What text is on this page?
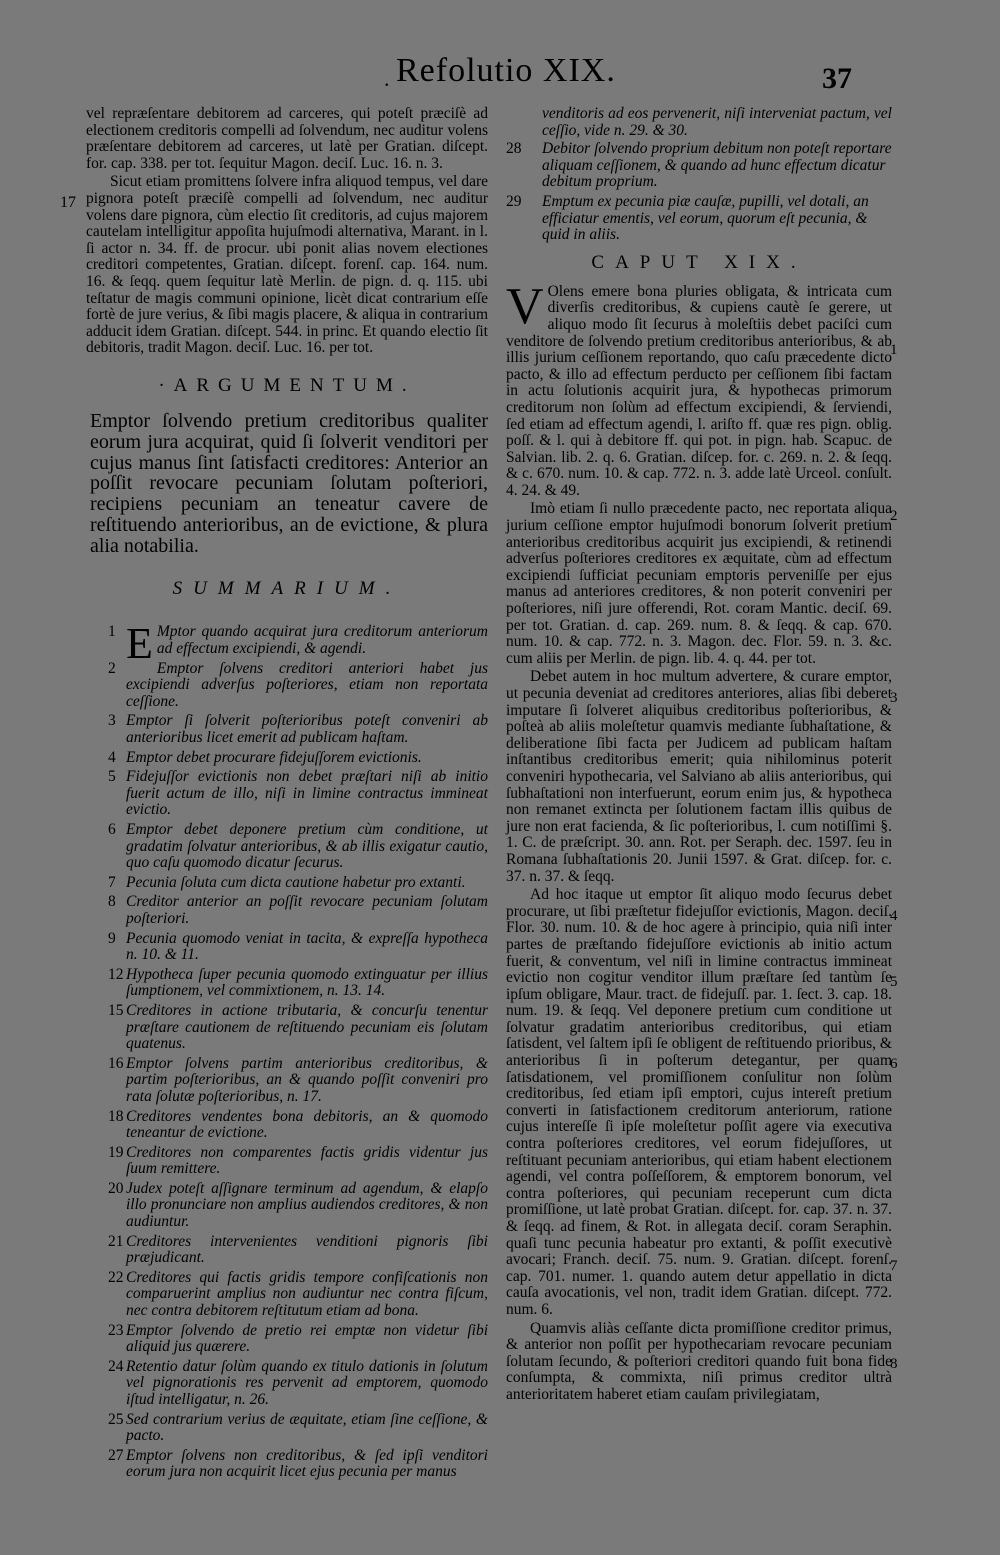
. Refolutio XIX.	37

vel repræſentare debitorem ad carceres, qui poteſt præciſè ad electionem creditoris compelli ad ſolvendum, nec auditur volens præſentare debitorem ad carceres, ut latè per Gratian. diſcept. for. cap. 338. per tot. ſequitur Magon. deciſ. Luc. 16. n. 3.

Sicut etiam promittens ſolvere infra aliquod tempus, vel dare pignora poteſt præciſè compelli ad ſolvendum, nec auditur volens dare pignora, cùm electio ſit creditoris, ad cujus majorem cautelam intelligitur appoſita hujuſmodi alternativa, Marant. in l. ſi actor n. 34. ff. de procur. ubi ponit alias novem electiones creditori competentes, Gratian. diſcept. forenſ. cap. 164. num. 16. & ſeqq. quem ſequitur latè Merlin. de pign. d. q. 115. ubi teſtatur de magis communi opinione, licèt dicat contrarium eſſe fortè de jure verius, & ſibi magis placere, & aliqua in contrarium adducit idem Gratian. diſcept. 544. in princ. Et quando electio ſit debitoris, tradit Magon. deciſ. Luc. 16. per tot.

·ARGUMENTUM.

Emptor ſolvendo pretium creditoribus qualiter eorum jura acquirat, quid ſi ſolverit venditori per cujus manus ſint ſatisfacti creditores: Anterior an poſſit revocare pecuniam ſolutam poſteriori, recipiens pecuniam an teneatur cavere de reſtituendo anterioribus, an de evictione, & plura alia notabilia.

SUMMARIUM.
1 E Mptor quando acquirat jura creditorum anteriorum ad effectum excipiendi, & agendi.
2	Emptor ſolvens creditori anteriori habet jus excipiendi adverſus poſteriores, etiam non reportata ceſſione.
3 Emptor ſi ſolverit poſterioribus poteſt conveniri ab anterioribus licet emerit ad publicam haſtam.
4 Emptor debet procurare fidejuſſorem evictionis.
5 Fidejuſſor evictionis non debet præſtari niſi ab initio fuerit actum de illo, niſi in limine contractus immineat evictio.
6 Emptor debet deponere pretium cùm conditione, ut gradatim ſolvatur anterioribus, & ab illis exigatur cautio, quo caſu quomodo dicatur ſecurus.
7 Pecunia ſoluta cum dicta cautione habetur pro extanti.
8 Creditor anterior an poſſit revocare pecuniam ſolutam poſteriori.
9 Pecunia quomodo veniat in tacita, & expreſſa hypotheca n. 10. & 11.
12 Hypotheca ſuper pecunia quomodo extinguatur per illius ſumptionem, vel commixtionem, n. 13. 14.
15 Creditores in actione tributaria, & concurſu tenentur præſtare cautionem de reſtituendo pecuniam eis ſolutam quatenus.
16 Emptor ſolvens partim anterioribus creditoribus, & partim poſterioribus, an & quando poſſit conveniri pro rata ſolutæ poſterioribus, n. 17.
18 Creditores vendentes bona debitoris, an & quomodo teneantur de evictione.
19 Creditores non comparentes factis gridis videntur jus ſuum remittere.
20 Judex poteſt aſſignare terminum ad agendum, & elapſo illo pronunciare non amplius audiendos creditores, & non audiuntur.
21 Creditores intervenientes venditioni pignoris ſibi præjudicant.
22 Creditores qui factis gridis tempore confiſcationis non comparuerint amplius non audiuntur nec contra fiſcum, nec contra debitorem reſtitutum etiam ad bona.
23 Emptor ſolvendo de pretio rei emptæ non videtur ſibi aliquid jus quærere.
24 Retentio datur ſolùm quando ex titulo dationis in ſolutum vel pignorationis res pervenit ad emptorem, quomodo iſtud intelligatur, n. 26.
25 Sed contrarium verius de æquitate, etiam ſine ceſſione, & pacto.
27 Emptor ſolvens non creditoribus, & ſed ipſi venditori eorum jura non acquirit licet ejus pecunia per manus
17

venditoris ad eos pervenerit, niſi interveniat pactum, vel ceſſio, vide n. 29. & 30.

28 Debitor ſolvendo proprium debitum non poteſt reportare aliquam ceſſionem, & quando ad hunc effectum dicatur debitum proprium.
29 Emptum ex pecunia piæ cauſæ, pupilli, vel dotali, an efficiatur ementis, vel eorum, quorum eſt pecunia, & quid in aliis.
CAPUT XIX.

V Olens emere bona pluries obligata, & intricata cum diverſis creditoribus, & cupiens cautè ſe gerere, ut aliquo modo ſit ſecurus à moleſtiis debet paciſci cum venditore de ſolvendo pretium creditoribus anterioribus, & ab illis jurium ceſſionem reportando, quo caſu præcedente dicto pacto, & illo ad effectum perducto per ceſſionem ſibi factam in actu ſolutionis acquirit jura, & hypothecas primorum creditorum non ſolùm ad effectum excipiendi, & ſerviendi, ſed etiam ad effectum agendi, l. ariſto ff. quæ res pign. oblig. poſſ. & l. qui à debitore ff. qui pot. in pign. hab. Scapuc. de Salvian. lib. 2. q. 6. Gratian. diſcep. for. c. 269. n. 2. & ſeqq. & c. 670. num. 10. & cap. 772. n. 3. adde latè Urceol. conſult. 4. 24. & 49.

Imò etiam ſi nullo præcedente pacto, nec reportata aliqua jurium ceſſione emptor hujuſmodi bonorum ſolverit pretium anterioribus creditoribus acquirit jus excipiendi, & retinendi adverſus poſteriores creditores ex æquitate, cùm ad effectum excipiendi ſufficiat pecuniam emptoris perveniſſe per ejus manus ad anteriores creditores, & non poterit conveniri per poſteriores, niſi jure offerendi, Rot. coram Mantic. deciſ. 69. per tot. Gratian. d. cap. 269. num. 8. & ſeqq. & cap. 670. num. 10. & cap. 772. n. 3. Magon. dec. Flor. 59. n. 3. &c. cum aliis per Merlin. de pign. lib. 4. q. 44. per tot.

Debet autem in hoc multum advertere, & curare emptor, ut pecunia deveniat ad creditores anteriores, alias ſibi deberet imputare ſi ſolveret aliquibus creditoribus poſterioribus, & poſteà ab aliis moleſtetur quamvis mediante ſubhaſtatione, & deliberatione ſibi facta per Judicem ad publicam haſtam inſtantibus creditoribus emerit; quia nihilominus poterit conveniri hypothecaria, vel Salviano ab aliis anterioribus, qui ſubhaſtationi non interfuerunt, eorum enim jus, & hypotheca non remanet extincta per ſolutionem factam illis quibus de jure non erat facienda, & ſic poſterioribus, l. cum notiſſimi §. 1. C. de præſcript. 30. ann. Rot. per Seraph. dec. 1597. ſeu in Romana ſubhaſtationis 20. Junii 1597. & Grat. diſcep. for. c. 37. n. 37. & ſeqq.

Ad hoc itaque ut emptor ſit aliquo modo ſecurus debet procurare, ut ſibi præſtetur fidejuſſor evictionis, Magon. deciſ. Flor. 30. num. 10. & de hoc agere à principio, quia niſi inter partes de præſtando fidejuſſore evictionis ab initio actum fuerit, & conventum, vel niſi in limine contractus immineat evictio non cogitur venditor illum præſtare ſed tantùm ſe ipſum obligare, Maur. tract. de fidejuſſ. par. 1. ſect. 3. cap. 18. num. 19. & ſeqq. Vel deponere pretium cum conditione ut ſolvatur gradatim anterioribus creditoribus, qui etiam ſatisdent, vel ſaltem ipſi ſe obligent de reſtituendo prioribus, & anterioribus ſi in poſterum detegantur, per quam ſatisdationem, vel promiſſionem conſulitur non ſolùm creditoribus, ſed etiam ipſi emptori, cujus intereſt pretium converti in ſatisfactionem creditorum anteriorum, ratione cujus intereſſe ſi ipſe moleſtetur poſſit agere via executiva contra poſteriores creditores, vel eorum fidejuſſores, ut reſtituant pecuniam anterioribus, qui etiam habent electionem agendi, vel contra poſſeſſorem, & emptorem bonorum, vel contra poſteriores, qui pecuniam receperunt cum dicta promiſſione, ut latè probat Gratian. diſcept. for. cap. 37. n. 37. & ſeqq. ad finem, & Rot. in allegata deciſ. coram Seraphin. quaſi tunc pecunia habeatur pro extanti, & poſſit executivè avocari; Franch. deciſ. 75. num. 9. Gratian. diſcept. forenſ. cap. 701. numer. 1. quando autem detur appellatio in dicta cauſa avocationis, vel non, tradit idem Gratian. diſcept. 772. num. 6.

Quamvis aliàs ceſſante dicta promiſſione creditor primus, & anterior non poſſit per hypothecariam revocare pecuniam ſolutam ſecundo, & poſteriori creditori quando fuit bona fide conſumpta, & commixta, niſi primus creditor ultrà anterioritatem haberet etiam cauſam privilegiatam,

1
2
3
4
5
6
7
8
